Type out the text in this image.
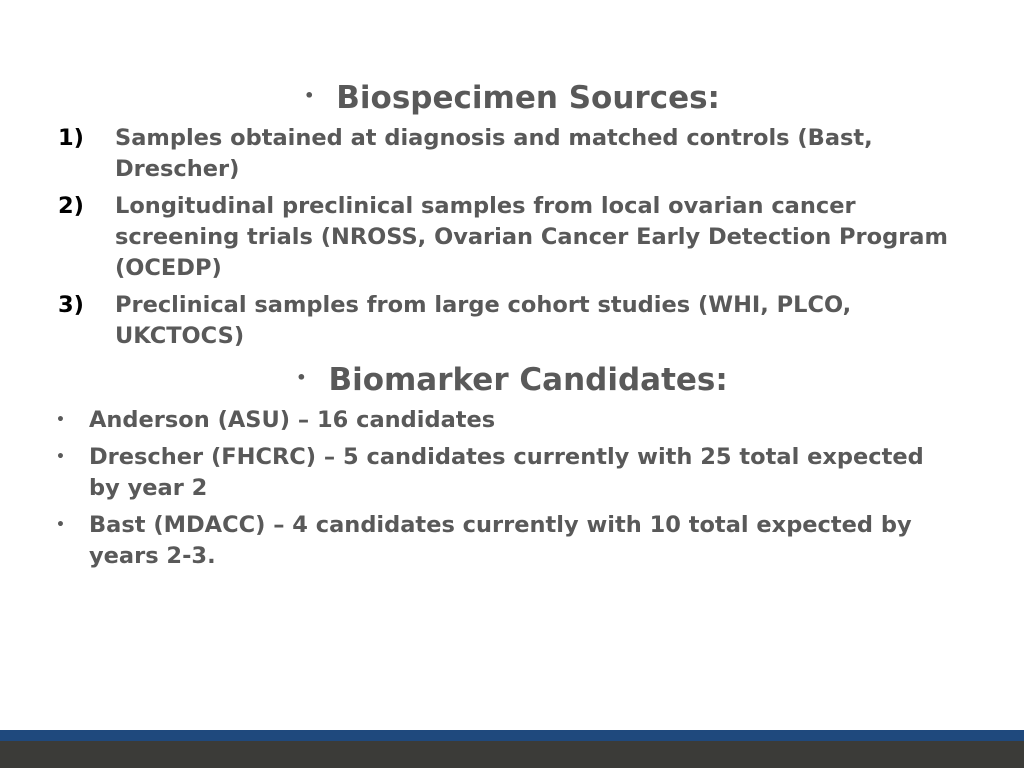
• Biospecimen Sources:
1) Samples obtained at diagnosis and matched controls (Bast, Drescher)
2) Longitudinal preclinical samples from local ovarian cancer screening trials (NROSS, Ovarian Cancer Early Detection Program (OCEDP)
3) Preclinical samples from large cohort studies (WHI, PLCO, UKCTOCS)
• Biomarker Candidates:
• Anderson (ASU) – 16 candidates
• Drescher (FHCRC) – 5 candidates currently with 25 total expected by year 2
• Bast (MDACC) – 4 candidates currently with 10 total expected by years 2-3.
